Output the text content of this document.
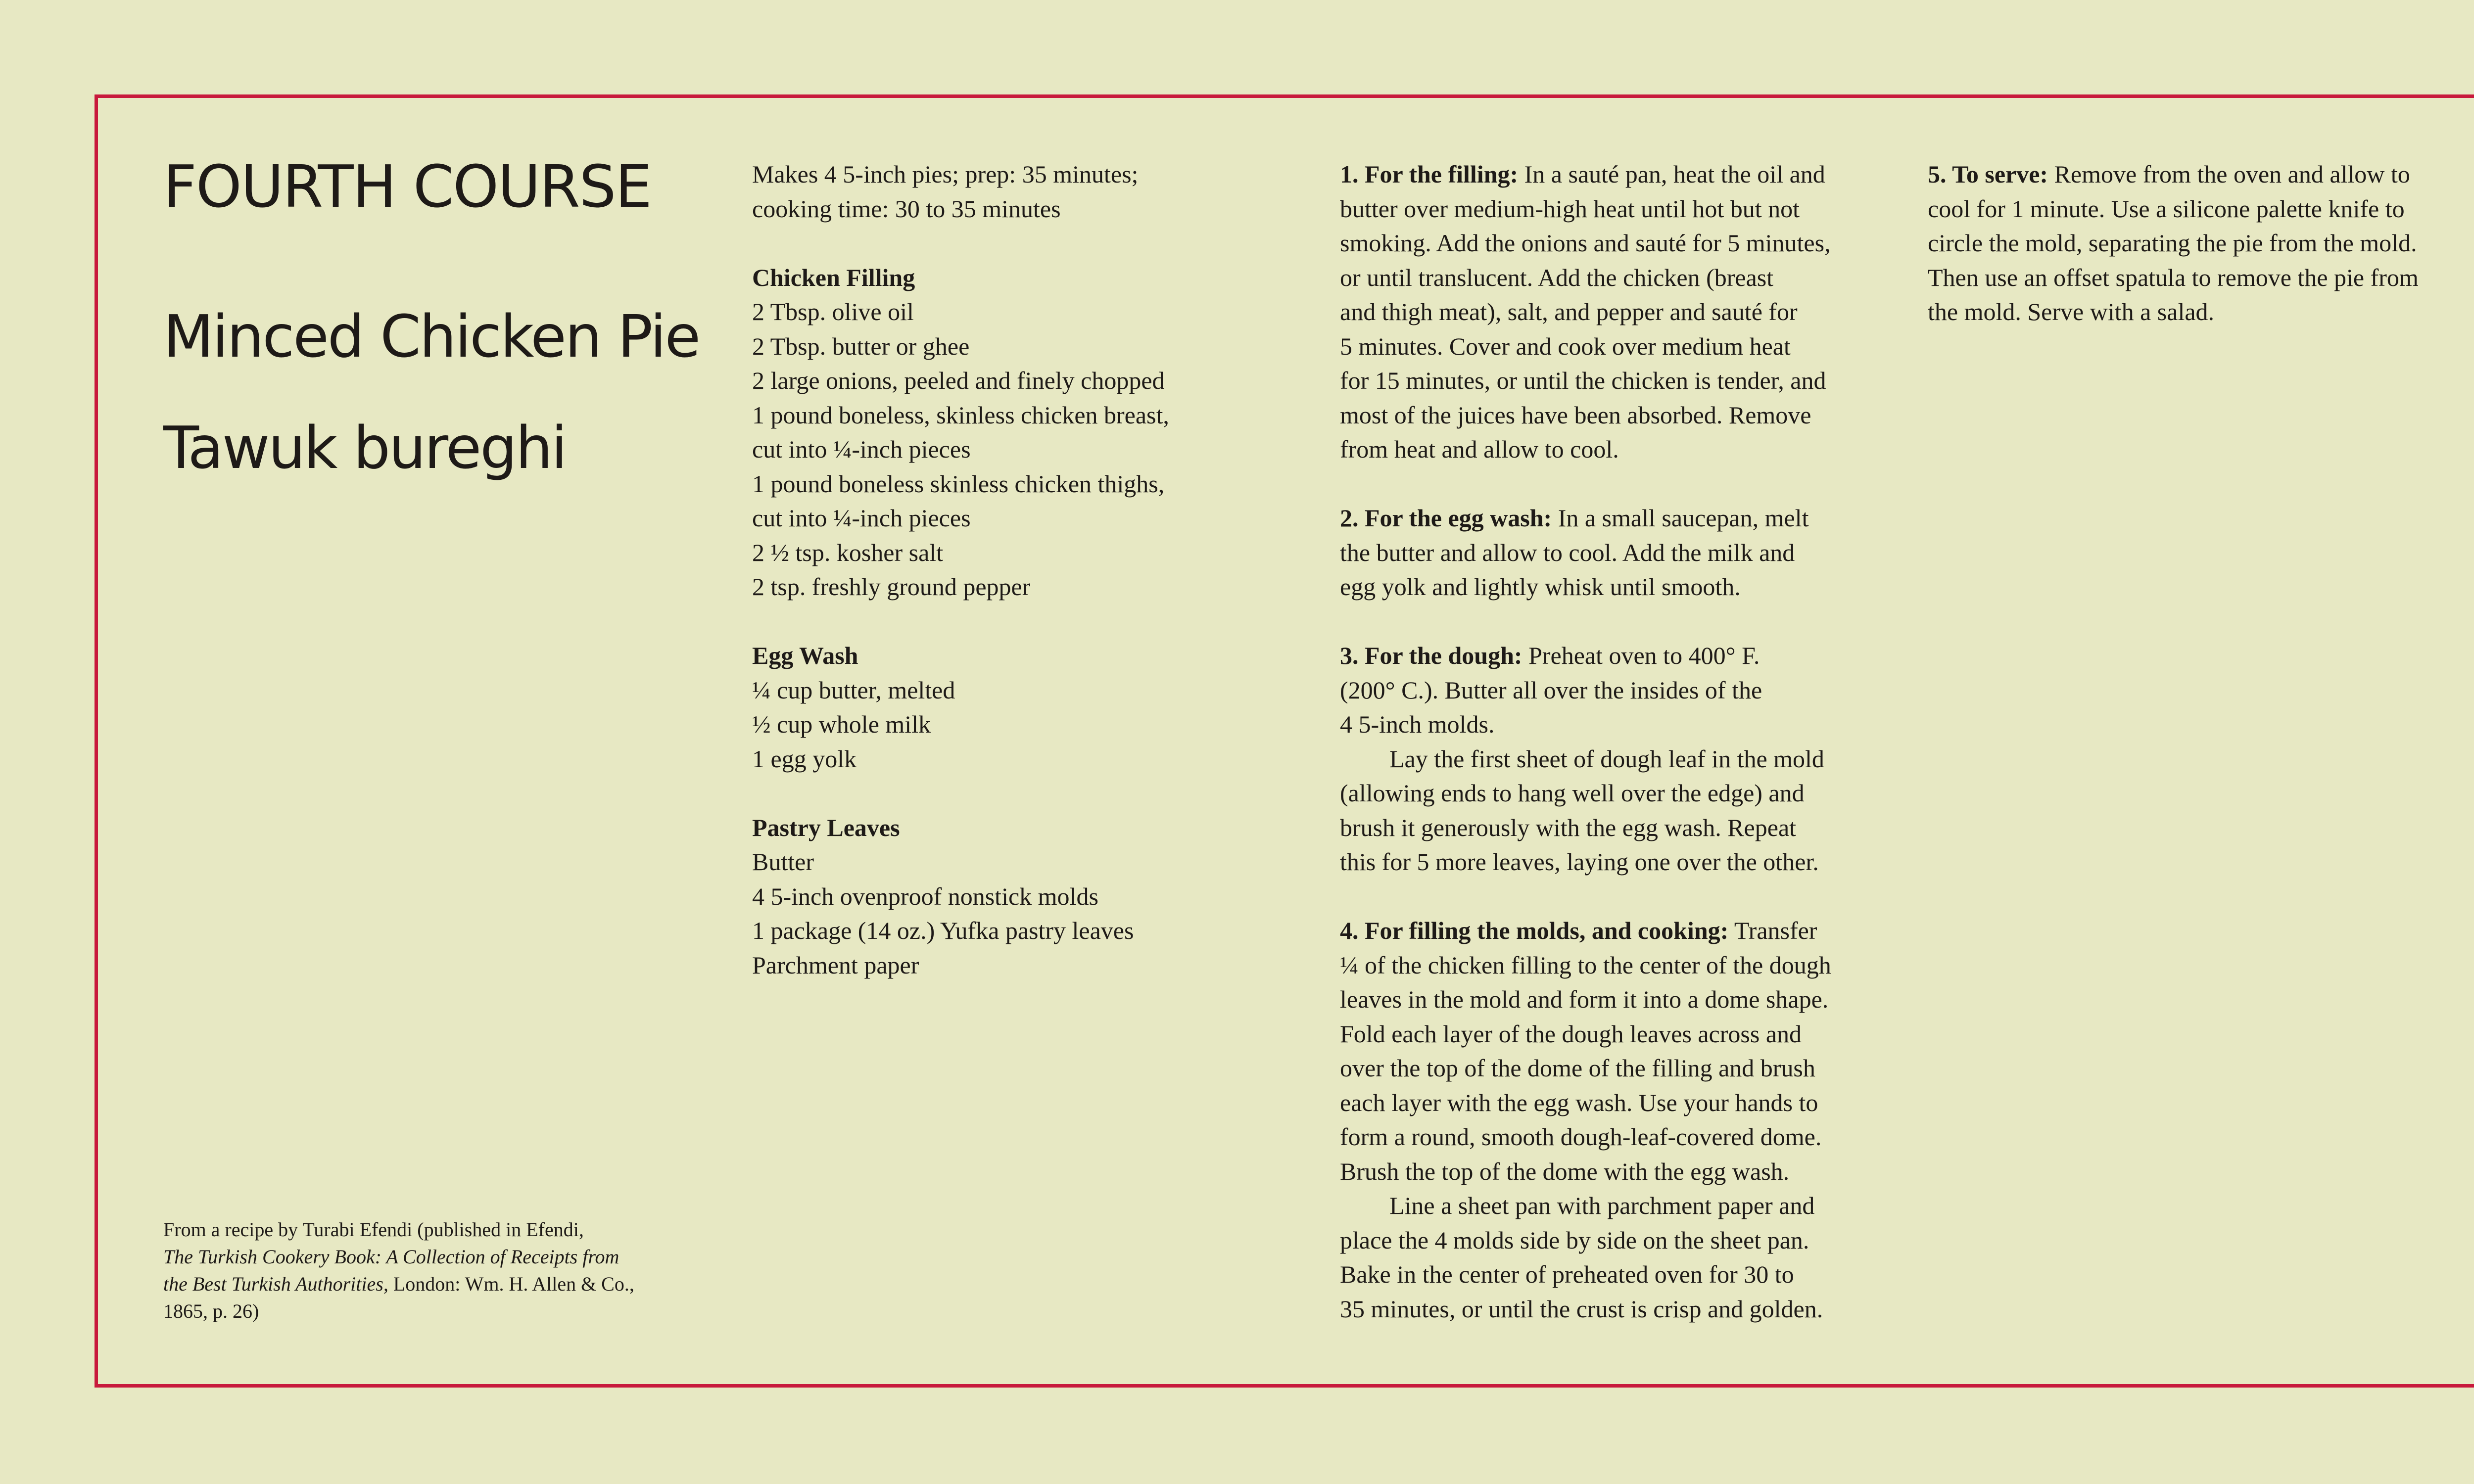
FOURTH COURSE
Minced Chicken Pie
Tawuk bureghi
From a recipe by Turabi Efendi (published in Efendi,
The Turkish Cookery Book: A Collection of Receipts from
the Best Turkish Authorities, London: Wm. H. Allen & Co.,
1865, p. 26)
Makes 4 5-inch pies; prep: 35 minutes;
cooking time: 30 to 35 minutes
Chicken Filling
2 Tbsp. olive oil
2 Tbsp. butter or ghee
2 large onions, peeled and finely chopped
1 pound boneless, skinless chicken breast,
cut into ¼-inch pieces
1 pound boneless skinless chicken thighs,
cut into ¼-inch pieces
2 ½ tsp. kosher salt
2 tsp. freshly ground pepper
Egg Wash
¼ cup butter, melted
½ cup whole milk
1 egg yolk
Pastry Leaves
Butter
4 5-inch ovenproof nonstick molds
1 package (14 oz.) Yufka pastry leaves
Parchment paper
1. For the filling: In a sauté pan, heat the oil and
butter over medium-high heat until hot but not
smoking. Add the onions and sauté for 5 minutes,
or until translucent. Add the chicken (breast
and thigh meat), salt, and pepper and sauté for
5 minutes. Cover and cook over medium heat
for 15 minutes, or until the chicken is tender, and
most of the juices have been absorbed. Remove
from heat and allow to cool.
2. For the egg wash: In a small saucepan, melt
the butter and allow to cool. Add the milk and
egg yolk and lightly whisk until smooth.
3. For the dough: Preheat oven to 400° F.
(200° C.). Butter all over the insides of the
4 5-inch molds.
Lay the first sheet of dough leaf in the mold
(allowing ends to hang well over the edge) and
brush it generously with the egg wash. Repeat
this for 5 more leaves, laying one over the other.
4. For filling the molds, and cooking: Transfer
¼ of the chicken filling to the center of the dough
leaves in the mold and form it into a dome shape.
Fold each layer of the dough leaves across and
over the top of the dome of the filling and brush
each layer with the egg wash. Use your hands to
form a round, smooth dough-leaf-covered dome.
Brush the top of the dome with the egg wash.
Line a sheet pan with parchment paper and
place the 4 molds side by side on the sheet pan.
Bake in the center of preheated oven for 30 to
35 minutes, or until the crust is crisp and golden.
5. To serve: Remove from the oven and allow to
cool for 1 minute. Use a silicone palette knife to
circle the mold, separating the pie from the mold.
Then use an offset spatula to remove the pie from
the mold. Serve with a salad.
